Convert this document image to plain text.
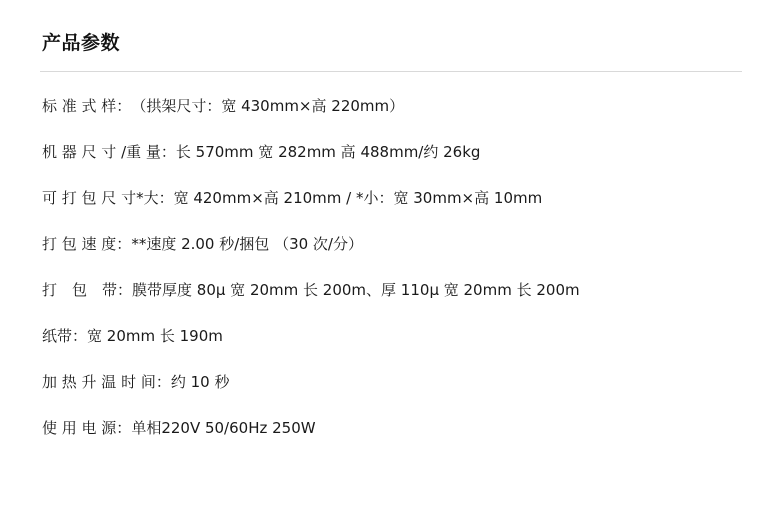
产品参数
标 准 式 样： （拱架尺寸：宽 430mm×高 220mm）
机 器 尺 寸 /重 量： 长 570mm 宽 282mm 高 488mm/约 26kg
可 打 包 尺 寸 *大：宽 420mm×高 210mm / *小：宽 30mm×高 10mm
打 包 速 度： **速度 2.00 秒/捆包 （30 次/分）
打　包　带： 膜带厚度 80μ 宽 20mm 长 200m、厚 110μ 宽 20mm 长 200m
纸带： 宽 20mm 长 190m
加 热 升 温 时 间： 约 10 秒
使 用 电 源： 单相220V 50/60Hz 250W
